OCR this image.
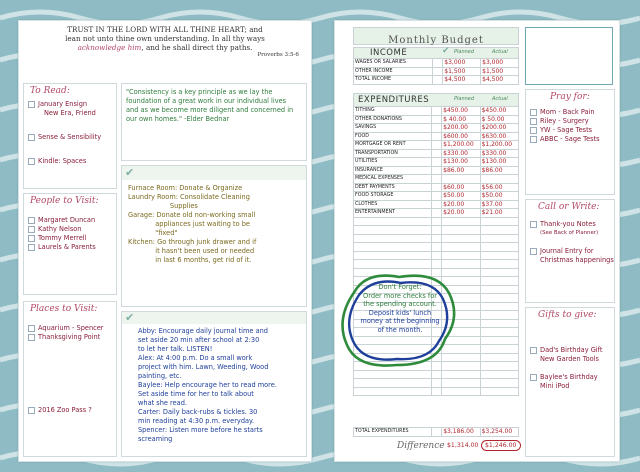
TRUST IN THE LORD WITH ALL THINE HEART; and
lean not unto thine own understanding. In all thy ways
acknowledge him, and he shall direct thy paths.
Proverbs 3:5-6
To Read:
January Ensign
New Era, Friend
Sense & Sensibility
Kindle: Spaces
People to Visit:
Margaret Duncan
Kathy Nelson
Tommy Merrell
Laurels & Parents
Places to Visit:
Aquarium - Spencer
Thanksgiving Point
2016 Zoo Pass ?
"Consistency is a key principle as we lay the
foundation of a great work in our individual lives
and as we become more diligent and concerned in
our own homes." -Elder Bednar
✔
Furnace Room: Donate & Organize
Laundry Room: Consolidate Cleaning
Supplies
Garage: Donate old non-working small
appliances just waiting to be
"fixed"
Kitchen: Go through junk drawer and if
it hasn't been used or needed
in last 6 months, get rid of it.
✔
Abby: Encourage daily journal time and
set aside 20 min after school at 2:30
to let her talk. LISTEN!
Alex: At 4:00 p.m. Do a small work
project with him. Lawn, Weeding, Wood
painting, etc.
Baylee: Help encourage her to read more.
Set aside time for her to talk about
what she read.
Carter: Daily back-rubs & tickles. 30
min reading at 4:30 p.m. everyday.
Spencer: Listen more before he starts
screaming
Monthly Budget
INCOME	✔ Planned	Actual
WAGES OR SALARIES		$3,000	$3,000
OTHER INCOME		$1,500	$1,500
TOTAL INCOME		$4,500	$4,500
EXPENDITURES	Planned	Actual
TITHING		$450.00	$450.00
OTHER DONATIONS		$ 40.00	$ 50.00
SAVINGS		$200.00	$200.00
FOOD		$600.00	$630.00
MORTGAGE OR RENT		$1,200.00	$1,200.00
TRANSPORTATION		$330.00	$330.00
UTILITIES		$130.00	$130.00
INSURANCE		$86.00	$86.00
MEDICAL EXPENSES			
DEBT PAYMENTS		$60.00	$56.00
FOOD STORAGE		$50.00	$50.00
CLOTHES		$20.00	$37.00
ENTERTAINMENT		$20.00	$21.00

TOTAL EXPENDITURES		$3,186.00	$3,254.00
Difference $1,314.00	$1,246.00
Don't Forget:
Order more checks for
the spending account.
Deposit kids' lunch
money at the beginning
of the month.
Pray for:
Mom - Back Pain
Riley - Surgery
YW - Sage Tests
ABBC - Sage Tests
Call or Write:
Thank-you Notes
(See Back of Planner)
Journal Entry for
Christmas happenings
Gifts to give:
Dad's Birthday Gift
New Garden Tools
Baylee's Birthday
Mini iPod
